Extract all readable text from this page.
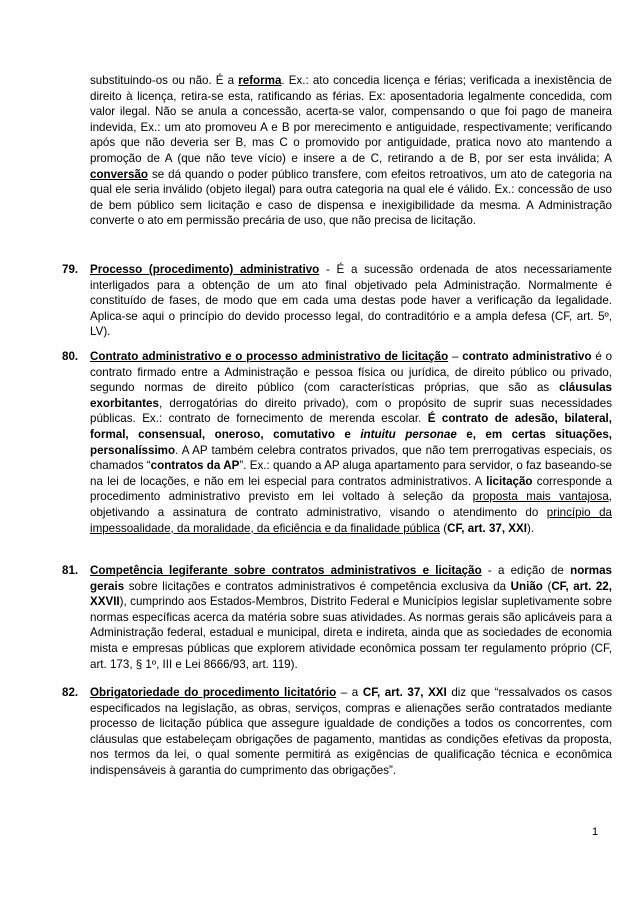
substituindo-os ou não. É a reforma. Ex.: ato concedia licença e férias; verificada a inexistência de direito à licença, retira-se esta, ratificando as férias. Ex: aposentadoria legalmente concedida, com valor ilegal. Não se anula a concessão, acerta-se valor, compensando o que foi pago de maneira indevida, Ex.: um ato promoveu A e B por merecimento e antiguidade, respectivamente; verificando após que não deveria ser B, mas C o promovido por antiguidade, pratica novo ato mantendo a promoção de A (que não teve vício) e insere a de C, retirando a de B, por ser esta inválida; A conversão se dá quando o poder público transfere, com efeitos retroativos, um ato de categoria na qual ele seria inválido (objeto ilegal) para outra categoria na qual ele é válido. Ex.: concessão de uso de bem público sem licitação e caso de dispensa e inexigibilidade da mesma. A Administração converte o ato em permissão precária de uso, que não precisa de licitação.
79. Processo (procedimento) administrativo - É a sucessão ordenada de atos necessariamente interligados para a obtenção de um ato final objetivado pela Administração. Normalmente é constituído de fases, de modo que em cada uma destas pode haver a verificação da legalidade. Aplica-se aqui o princípio do devido processo legal, do contraditório e a ampla defesa (CF, art. 5º, LV).
80. Contrato administrativo e o processo administrativo de licitação – contrato administrativo é o contrato firmado entre a Administração e pessoa física ou jurídica, de direito público ou privado, segundo normas de direito público (com características próprias, que são as cláusulas exorbitantes, derrogatórias do direito privado), com o propósito de suprir suas necessidades públicas. Ex.: contrato de fornecimento de merenda escolar. É contrato de adesão, bilateral, formal, consensual, oneroso, comutativo e intuitu personae e, em certas situações, personalíssimo. A AP também celebra contratos privados, que não tem prerrogativas especiais, os chamados “contratos da AP”. Ex.: quando a AP aluga apartamento para servidor, o faz baseando-se na lei de locações, e não em lei especial para contratos administrativos. A licitação corresponde a procedimento administrativo previsto em lei voltado à seleção da proposta mais vantajosa, objetivando a assinatura de contrato administrativo, visando o atendimento do princípio da impessoalidade, da moralidade, da eficiência e da finalidade pública (CF, art. 37, XXI).
81. Competência legiferante sobre contratos administrativos e licitação - a edição de normas gerais sobre licitações e contratos administrativos é competência exclusiva da União (CF, art. 22, XXVII), cumprindo aos Estados-Membros, Distrito Federal e Municípios legislar supletivamente sobre normas específicas acerca da matéria sobre suas atividades. As normas gerais são aplicáveis para a Administração federal, estadual e municipal, direta e indireta, ainda que as sociedades de economia mista e empresas públicas que explorem atividade econômica possam ter regulamento próprio (CF, art. 173, § 1º, III e Lei 8666/93, art. 119).
82. Obrigatoriedade do procedimento licitatório – a CF, art. 37, XXI diz que “ressalvados os casos especificados na legislação, as obras, serviços, compras e alienações serão contratados mediante processo de licitação pública que assegure igualdade de condições a todos os concorrentes, com cláusulas que estabeleçam obrigações de pagamento, mantidas as condições efetivas da proposta, nos termos da lei, o qual somente permitirá as exigências de qualificação técnica e econômica indispensáveis à garantia do cumprimento das obrigações”.
1
